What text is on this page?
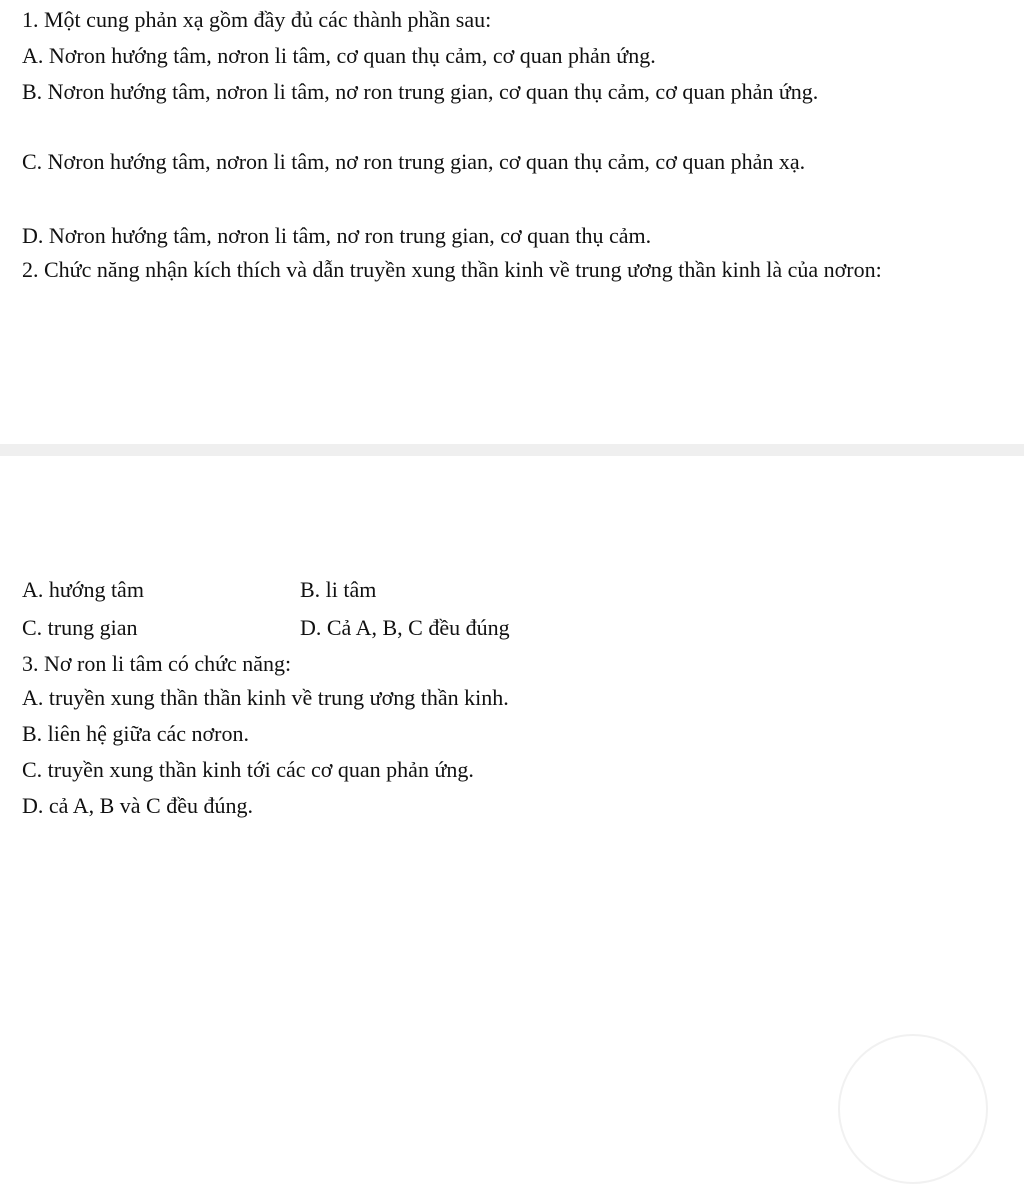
1. Một cung phản xạ gồm đầy đủ các thành phần sau:
A. Nơron hướng tâm, nơron li tâm, cơ quan thụ cảm, cơ quan phản ứng.
B. Nơron hướng tâm, nơron li tâm, nơ ron trung gian, cơ quan thụ cảm, cơ quan phản ứng.
C. Nơron hướng tâm, nơron li tâm, nơ ron trung gian, cơ quan thụ cảm, cơ quan phản xạ.
D. Nơron hướng tâm, nơron li tâm, nơ ron trung gian, cơ quan thụ cảm.
2. Chức năng nhận kích thích và dẫn truyền xung thần kinh về trung ương thần kinh là của nơron:
A. hướng tâm	B. li tâm
C. trung gian	D. Cả A, B, C đều đúng
3. Nơ ron li tâm có chức năng:
A. truyền xung thần thần kinh về trung ương thần kinh.
B. liên hệ giữa các nơron.
C. truyền xung thần kinh tới các cơ quan phản ứng.
D. cả A, B và C đều đúng.
